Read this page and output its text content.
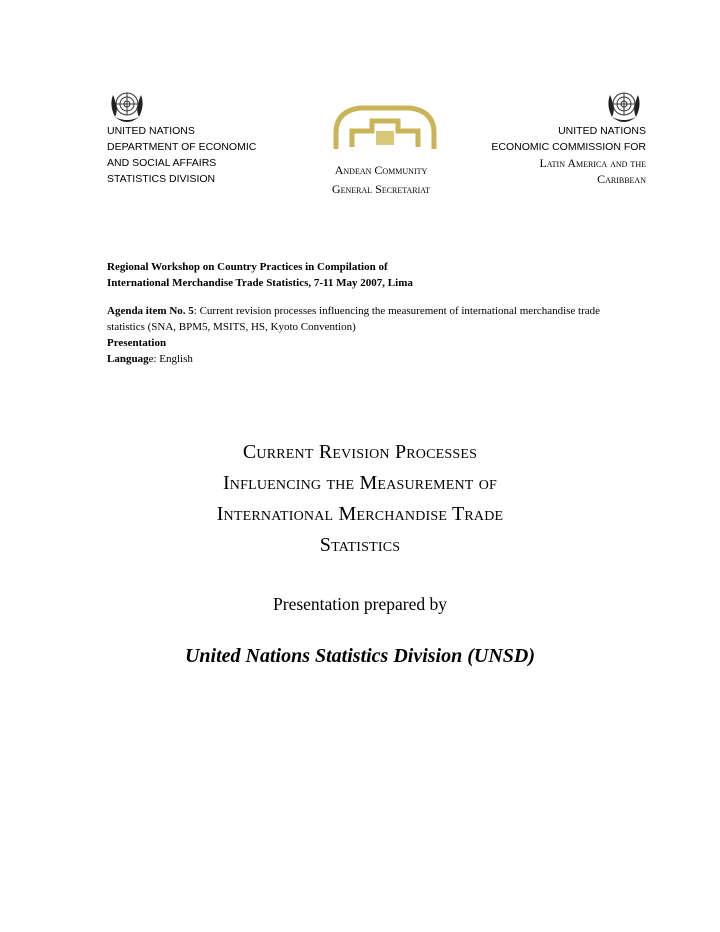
UNITED NATIONS
DEPARTMENT OF ECONOMIC
AND SOCIAL AFFAIRS
STATISTICS DIVISION
Andean Community
General Secretariat
UNITED NATIONS
ECONOMIC COMMISSION FOR
Latin America and the
Caribbean
Regional Workshop on Country Practices in Compilation of
International Merchandise Trade Statistics, 7-11 May 2007, Lima
Agenda item No. 5: Current revision processes influencing the measurement of international merchandise trade statistics (SNA, BPM5, MSITS, HS, Kyoto Convention)
Presentation
Language: English
Current Revision Processes
Influencing the Measurement of
International Merchandise Trade
Statistics
Presentation prepared by
United Nations Statistics Division (UNSD)
